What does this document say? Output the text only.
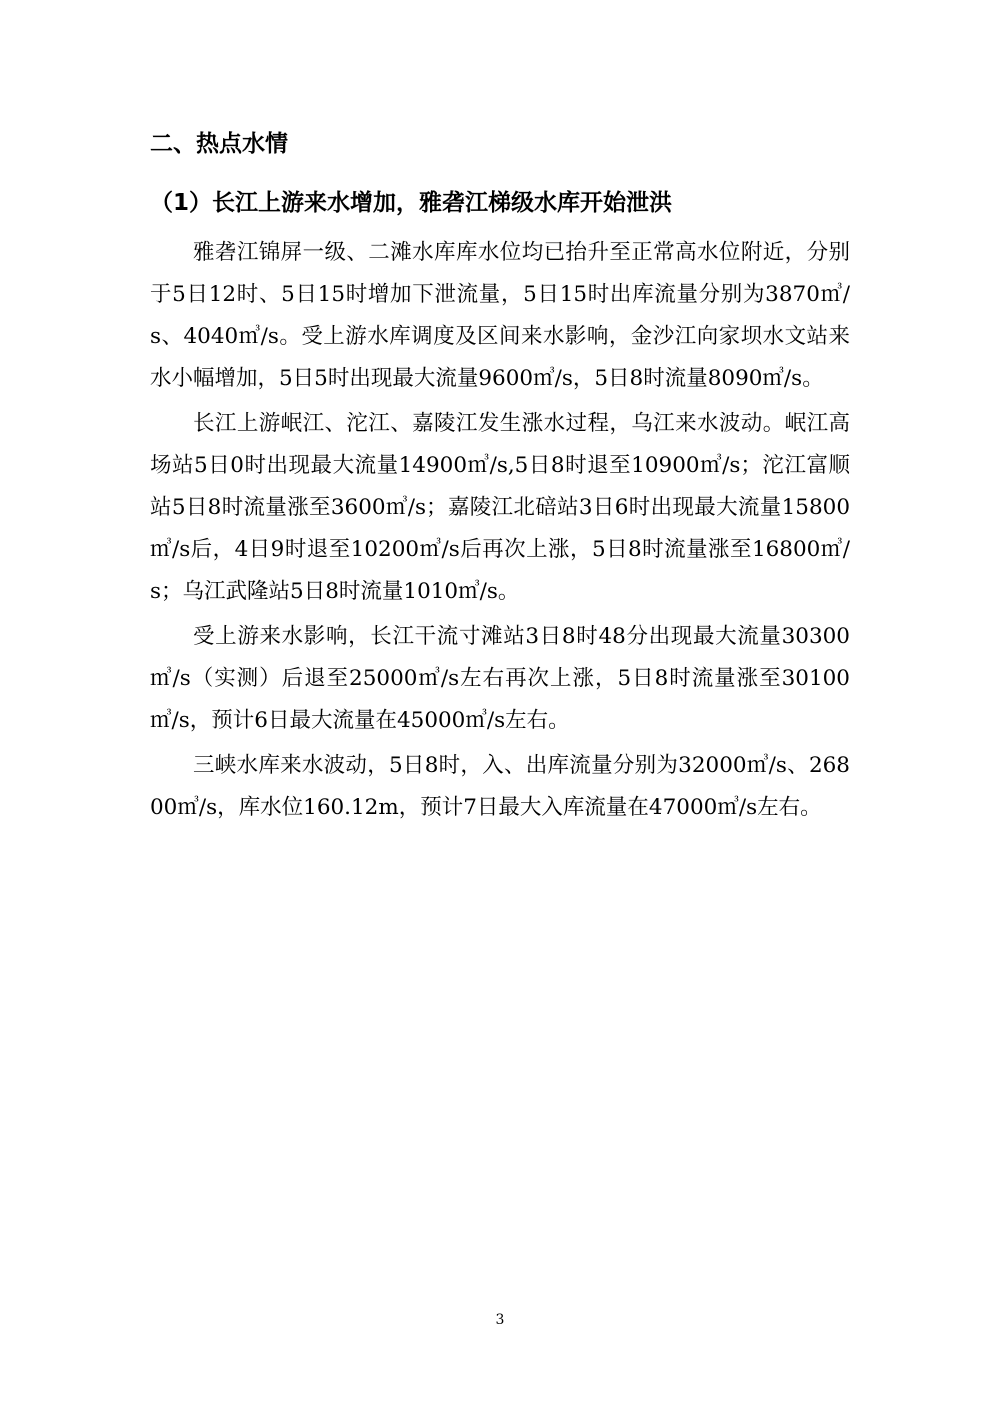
二、热点水情
（1）长江上游来水增加，雅砻江梯级水库开始泄洪

雅砻江锦屏一级、二滩水库库水位均已抬升至正常高水位附近，分别于5日12时、5日15时增加下泄流量，5日15时出库流量分别为3870㎥/s、4040㎥/s。受上游水库调度及区间来水影响，金沙江向家坝水文站来水小幅增加，5日5时出现最大流量9600㎥/s，5日8时流量8090㎥/s。

长江上游岷江、沱江、嘉陵江发生涨水过程，乌江来水波动。岷江高场站5日0时出现最大流量14900㎥/s,5日8时退至10900㎥/s；沱江富顺站5日8时流量涨至3600㎥/s；嘉陵江北碚站3日6时出现最大流量15800㎥/s后，4日9时退至10200㎥/s后再次上涨，5日8时流量涨至16800㎥/s；乌江武隆站5日8时流量1010㎥/s。

受上游来水影响，长江干流寸滩站3日8时48分出现最大流量30300㎥/s（实测）后退至25000㎥/s左右再次上涨，5日8时流量涨至30100㎥/s，预计6日最大流量在45000㎥/s左右。

三峡水库来水波动，5日8时，入、出库流量分别为32000㎥/s、26800㎥/s，库水位160.12m，预计7日最大入库流量在47000㎥/s左右。

3
